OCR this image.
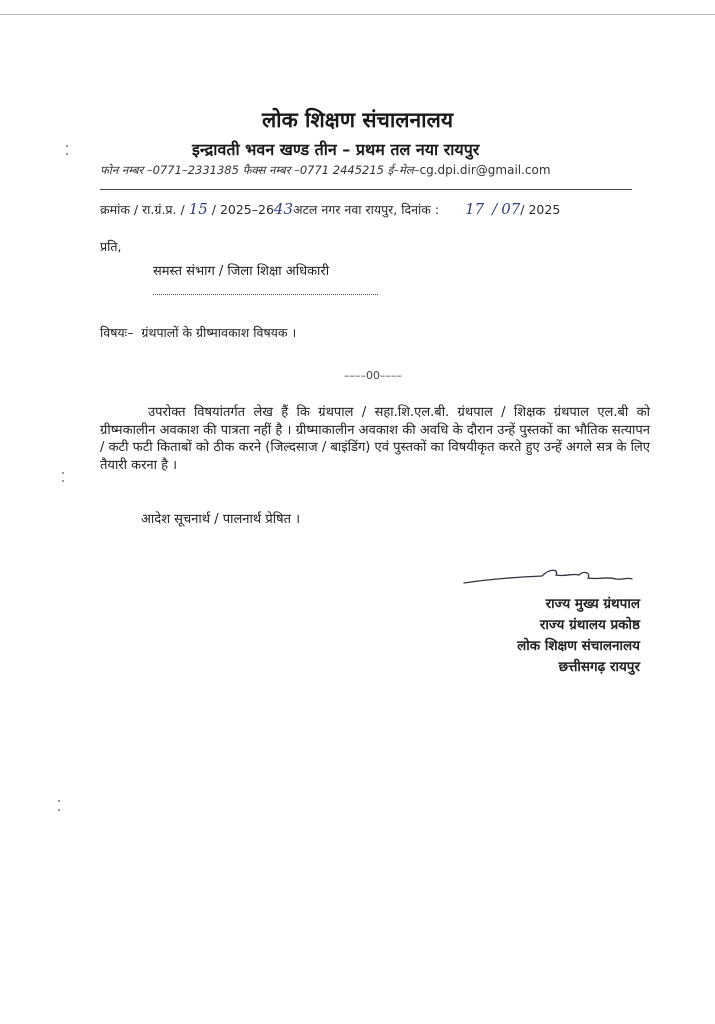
लोक शिक्षण संचालनालय
इन्द्रावती भवन खण्ड तीन – प्रथम तल नया रायपुर
फोन नम्बर –0771–2331385 फैक्स नम्बर –0771 2445215 ई–मेल–cg.dpi.dir@gmail.com
क्रमांक / रा.ग्रं.प्र. / 15 / 2025–2643अटल नगर नवा रायपुर, दिनांक : 17 / 07/ 2025
प्रति,
समस्त संभाग / जिला शिक्षा अधिकारी
विषयः– ग्रंथपालों के ग्रीष्मावकाश विषयक ।
––––00––––
उपरोक्त विषयांतर्गत लेख हैं कि ग्रंथपाल / सहा.शि.एल.बी. ग्रंथपाल / शिक्षक ग्रंथपाल एल.बी को ग्रीष्मकालीन अवकाश की पात्रता नहीं है । ग्रीष्माकालीन अवकाश की अवधि के दौरान उन्हें पुस्तकों का भौतिक सत्यापन / कटी फटी किताबों को ठीक करने (जिल्दसाज / बाइंडिंग) एवं पुस्तकों का विषयीकृत करते हुए उन्हें अगले सत्र के लिए तैयारी करना है ।
आदेश सूचनार्थ / पालनार्थ प्रेषित ।
राज्य मुख्य ग्रंथपाल
राज्य ग्रंथालय प्रकोष्ठ
लोक शिक्षण संचालनालय
छत्तीसगढ़ रायपुर
